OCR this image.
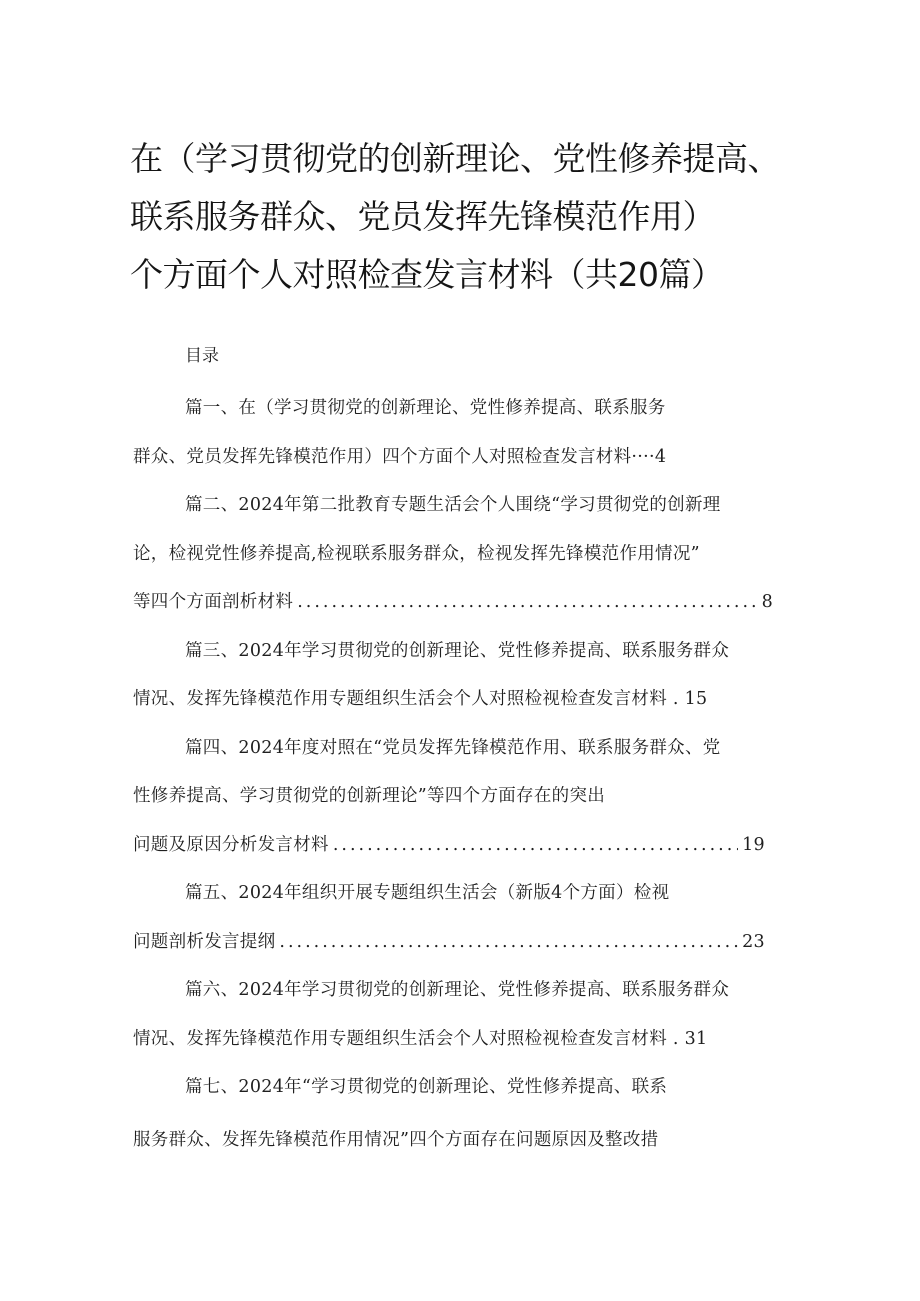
在（学习贯彻党的创新理论、党性修养提高、
联系服务群众、党员发挥先锋模范作用）
个方面个人对照检查发言材料（共20篇）
目录
篇一、在（学习贯彻党的创新理论、党性修养提高、联系服务
群众、党员发挥先锋模范作用）四个方面个人对照检查发言材料····4
篇二、2024年第二批教育专题生活会个人围绕“学习贯彻党的创新理
论，检视党性修养提高,检视联系服务群众，检视发挥先锋模范作用情况”
等四个方面剖析材料 .....	8
篇三、2024年学习贯彻党的创新理论、党性修养提高、联系服务群众
情况、发挥先锋模范作用专题组织生活会个人对照检视检查发言材料 . 15
篇四、2024年度对照在“党员发挥先锋模范作用、联系服务群众、党
性修养提高、学习贯彻党的创新理论”等四个方面存在的突出
问题及原因分析发言材料 .....	19
篇五、2024年组织开展专题组织生活会（新版4个方面）检视
问题剖析发言提纲 .....	23
篇六、2024年学习贯彻党的创新理论、党性修养提高、联系服务群众
情况、发挥先锋模范作用专题组织生活会个人对照检视检查发言材料 . 31
篇七、2024年“学习贯彻党的创新理论、党性修养提高、联系
服务群众、发挥先锋模范作用情况”四个方面存在问题原因及整改措
